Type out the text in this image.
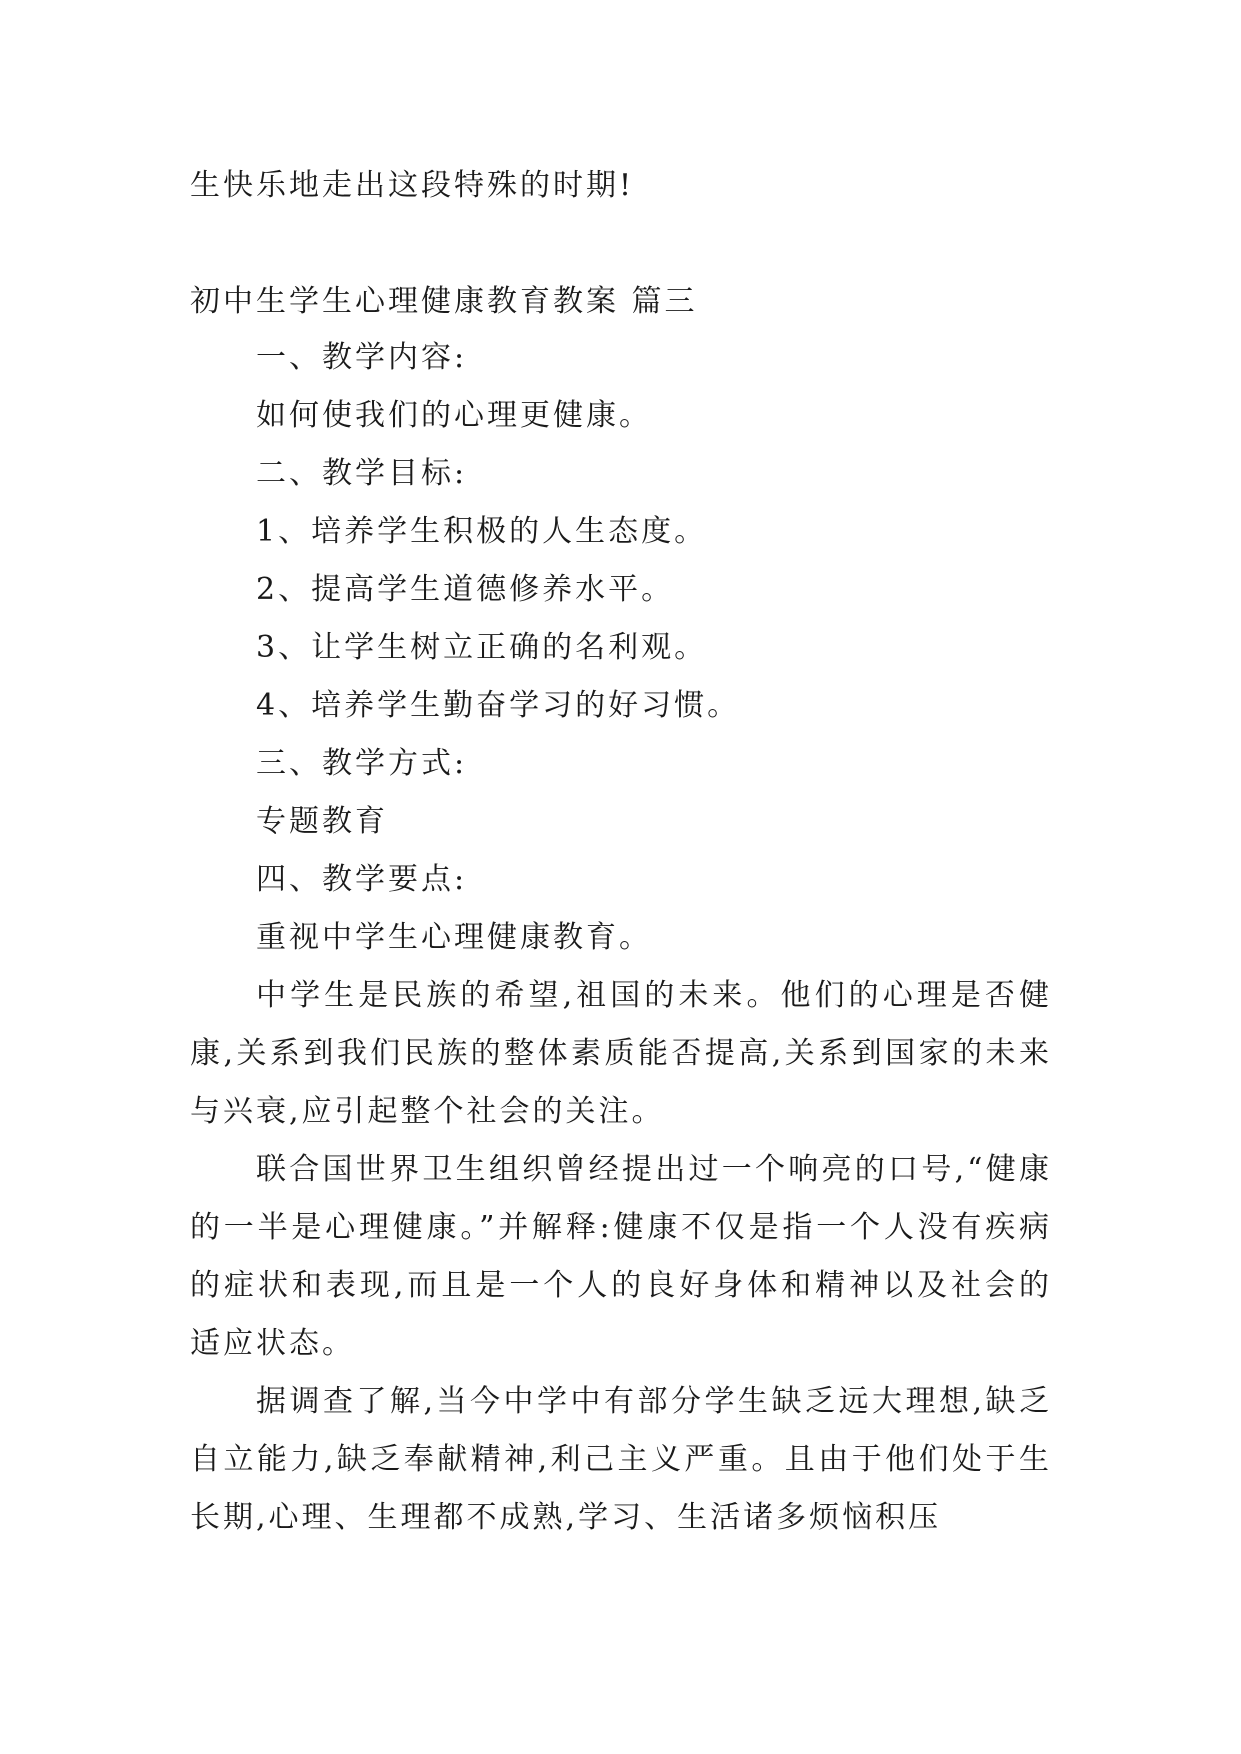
生快乐地走出这段特殊的时期!
初中生学生心理健康教育教案 篇三
一、教学内容:
如何使我们的心理更健康。
二、教学目标:
1、培养学生积极的人生态度。
2、提高学生道德修养水平。
3、让学生树立正确的名利观。
4、培养学生勤奋学习的好习惯。
三、教学方式:
专题教育
四、教学要点:
重视中学生心理健康教育。

中学生是民族的希望,祖国的未来。他们的心理是否健康,关系到我们民族的整体素质能否提高,关系到国家的未来与兴衰,应引起整个社会的关注。

联合国世界卫生组织曾经提出过一个响亮的口号,“健康的一半是心理健康。”并解释:健康不仅是指一个人没有疾病的症状和表现,而且是一个人的良好身体和精神以及社会的适应状态。

据调查了解,当今中学中有部分学生缺乏远大理想,缺乏自立能力,缺乏奉献精神,利己主义严重。且由于他们处于生长期,心理、生理都不成熟,学习、生活诸多烦恼积压
